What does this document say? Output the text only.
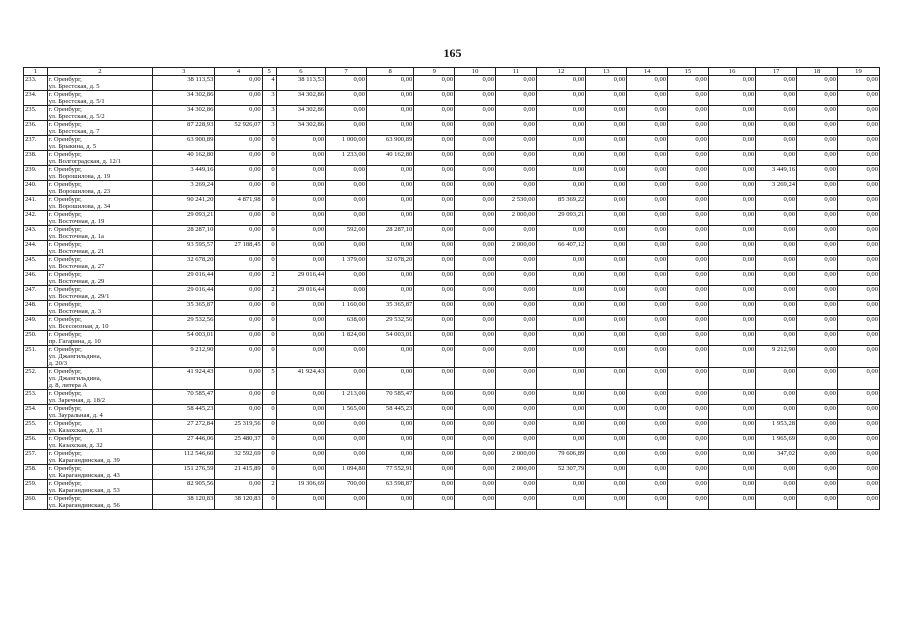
165
1	2	3	4	5	6	7	8	9	10	11	12	13	14	15	16	17	18	19
233.	г. Оренбург,
ул. Брестская, д. 5	38 113,53	0,00	4	38 113,53	0,00	0,00	0,00	0,00	0,00	0,00	0,00	0,00	0,00	0,00	0,00	0,00	0,00
234.	г. Оренбург,
ул. Брестская, д. 5/1	34 302,86	0,00	3	34 302,86	0,00	0,00	0,00	0,00	0,00	0,00	0,00	0,00	0,00	0,00	0,00	0,00	0,00
235.	г. Оренбург,
ул. Брестская, д. 5/2	34 302,86	0,00	3	34 302,86	0,00	0,00	0,00	0,00	0,00	0,00	0,00	0,00	0,00	0,00	0,00	0,00	0,00
236.	г. Оренбург,
ул. Брестская, д. 7	87 228,93	52 926,07	3	34 302,86	0,00	0,00	0,00	0,00	0,00	0,00	0,00	0,00	0,00	0,00	0,00	0,00	0,00
237.	г. Оренбург,
ул. Брыкина, д. 5	63 900,89	0,00	0	0,00	1 000,00	63 900,89	0,00	0,00	0,00	0,00	0,00	0,00	0,00	0,00	0,00	0,00	0,00
238.	г. Оренбург,
ул. Волгоградская, д. 12/1	40 162,80	0,00	0	0,00	1 233,00	40 162,80	0,00	0,00	0,00	0,00	0,00	0,00	0,00	0,00	0,00	0,00	0,00
239.	г. Оренбург,
ул. Ворошилова, д. 19	3 449,16	0,00	0	0,00	0,00	0,00	0,00	0,00	0,00	0,00	0,00	0,00	0,00	0,00	3 449,16	0,00	0,00
240.	г. Оренбург,
ул. Ворошилова, д. 23	3 269,24	0,00	0	0,00	0,00	0,00	0,00	0,00	0,00	0,00	0,00	0,00	0,00	0,00	3 269,24	0,00	0,00
241.	г. Оренбург,
ул. Ворошилова, д. 34	90 241,20	4 871,98	0	0,00	0,00	0,00	0,00	0,00	2 530,00	85 369,22	0,00	0,00	0,00	0,00	0,00	0,00	0,00
242.	г. Оренбург,
ул. Восточная, д. 19	29 093,21	0,00	0	0,00	0,00	0,00	0,00	0,00	2 000,00	29 093,21	0,00	0,00	0,00	0,00	0,00	0,00	0,00
243.	г. Оренбург,
ул. Восточная, д. 1а	28 287,10	0,00	0	0,00	592,00	28 287,10	0,00	0,00	0,00	0,00	0,00	0,00	0,00	0,00	0,00	0,00	0,00
244.	г. Оренбург,
ул. Восточная, д. 21	93 595,57	27 188,45	0	0,00	0,00	0,00	0,00	0,00	2 000,00	66 407,12	0,00	0,00	0,00	0,00	0,00	0,00	0,00
245.	г. Оренбург,
ул. Восточная, д. 27	32 678,20	0,00	0	0,00	1 379,00	32 678,20	0,00	0,00	0,00	0,00	0,00	0,00	0,00	0,00	0,00	0,00	0,00
246.	г. Оренбург,
ул. Восточная, д. 29	29 016,44	0,00	2	29 016,44	0,00	0,00	0,00	0,00	0,00	0,00	0,00	0,00	0,00	0,00	0,00	0,00	0,00
247.	г. Оренбург,
ул. Восточная, д. 29/1	29 016,44	0,00	2	29 016,44	0,00	0,00	0,00	0,00	0,00	0,00	0,00	0,00	0,00	0,00	0,00	0,00	0,00
248.	г. Оренбург,
ул. Восточная, д. 3	35 365,87	0,00	0	0,00	1 160,00	35 365,87	0,00	0,00	0,00	0,00	0,00	0,00	0,00	0,00	0,00	0,00	0,00
249.	г. Оренбург,
ул. Всесоюзная, д. 10	29 532,56	0,00	0	0,00	638,00	29 532,56	0,00	0,00	0,00	0,00	0,00	0,00	0,00	0,00	0,00	0,00	0,00
250.	г. Оренбург,
пр. Гагарина, д. 10	54 003,01	0,00	0	0,00	1 824,00	54 003,01	0,00	0,00	0,00	0,00	0,00	0,00	0,00	0,00	0,00	0,00	0,00
251.	г. Оренбург,
ул. Джангильдина,
д. 20/3	9 212,90	0,00	0	0,00	0,00	0,00	0,00	0,00	0,00	0,00	0,00	0,00	0,00	0,00	9 212,90	0,00	0,00
252.	г. Оренбург,
ул. Джангильдина,
д. 8, литера А	41 924,43	0,00	5	41 924,43	0,00	0,00	0,00	0,00	0,00	0,00	0,00	0,00	0,00	0,00	0,00	0,00	0,00
253.	г. Оренбург,
ул. Заречная, д. 18/2	70 585,47	0,00	0	0,00	1 213,00	70 585,47	0,00	0,00	0,00	0,00	0,00	0,00	0,00	0,00	0,00	0,00	0,00
254.	г. Оренбург,
ул. Зауральная, д. 4	58 445,23	0,00	0	0,00	1 565,00	58 445,23	0,00	0,00	0,00	0,00	0,00	0,00	0,00	0,00	0,00	0,00	0,00
255.	г. Оренбург,
ул. Казахская, д. 31	27 272,84	25 319,56	0	0,00	0,00	0,00	0,00	0,00	0,00	0,00	0,00	0,00	0,00	0,00	1 953,28	0,00	0,00
256.	г. Оренбург,
ул. Казахская, д. 32	27 446,06	25 480,37	0	0,00	0,00	0,00	0,00	0,00	0,00	0,00	0,00	0,00	0,00	0,00	1 965,69	0,00	0,00
257.	г. Оренбург,
ул. Карагандинская, д. 39	112 546,60	32 592,69	0	0,00	0,00	0,00	0,00	0,00	2 000,00	79 606,89	0,00	0,00	0,00	0,00	347,02	0,00	0,00
258.	г. Оренбург,
ул. Карагандинская, д. 43	151 276,59	21 415,89	0	0,00	1 094,80	77 552,91	0,00	0,00	2 000,00	52 307,79	0,00	0,00	0,00	0,00	0,00	0,00	0,00
259.	г. Оренбург,
ул. Карагандинская, д. 53	82 905,56	0,00	2	19 306,69	700,00	63 598,87	0,00	0,00	0,00	0,00	0,00	0,00	0,00	0,00	0,00	0,00	0,00
260.	г. Оренбург,
ул. Карагандинская, д. 56	38 120,83	38 120,83	0	0,00	0,00	0,00	0,00	0,00	0,00	0,00	0,00	0,00	0,00	0,00	0,00	0,00	0,00
